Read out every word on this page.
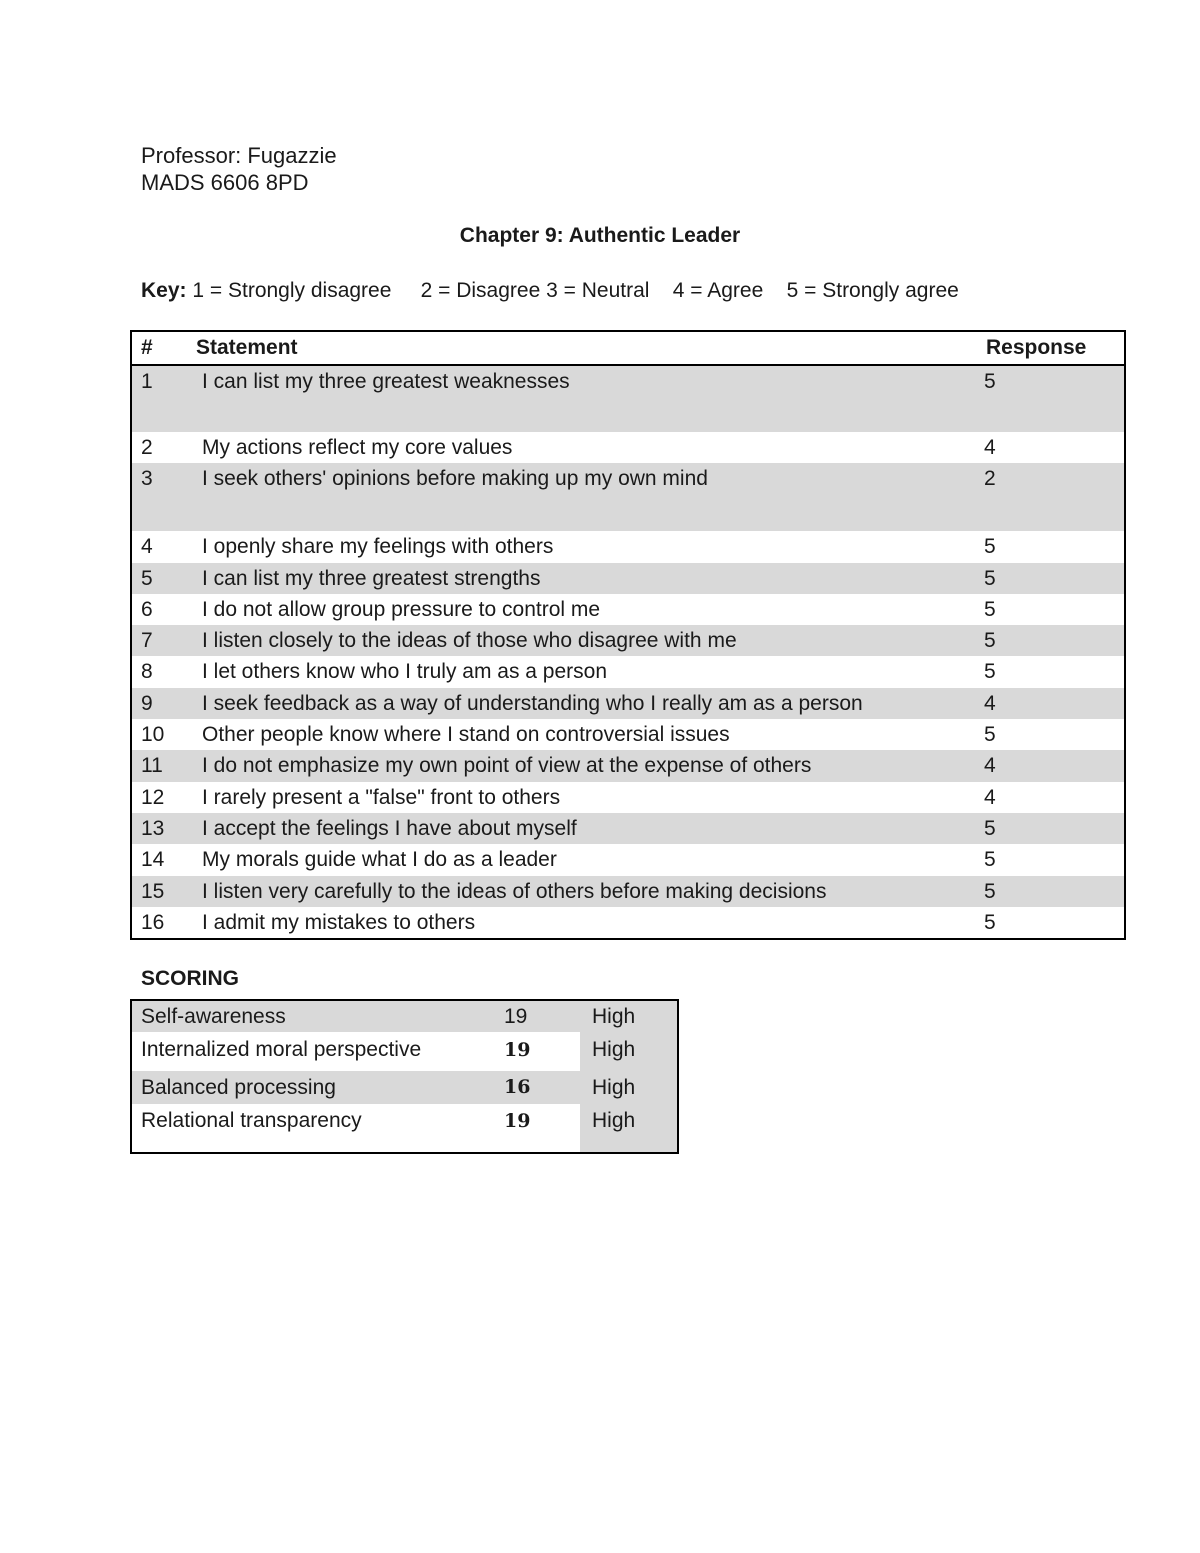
Professor: Fugazzie
MADS 6606 8PD
Chapter 9: Authentic Leader
Key: 1 = Strongly disagree 2 = Disagree 3 = Neutral 4 = Agree 5 = Strongly agree
#	Statement	Response
1	I can list my three greatest weaknesses	5
2	My actions reflect my core values	4
3	I seek others' opinions before making up my own mind	2
4	I openly share my feelings with others	5
5	I can list my three greatest strengths	5
6	I do not allow group pressure to control me	5
7	I listen closely to the ideas of those who disagree with me	5
8	I let others know who I truly am as a person	5
9	I seek feedback as a way of understanding who I really am as a person	4
10	Other people know where I stand on controversial issues	5
11	I do not emphasize my own point of view at the expense of others	4
12	I rarely present a "false" front to others	4
13	I accept the feelings I have about myself	5
14	My morals guide what I do as a leader	5
15	I listen very carefully to the ideas of others before making decisions	5
16	I admit my mistakes to others	5
SCORING
Self-awareness	19	High
Internalized moral perspective	19	High
Balanced processing	16	High
Relational transparency	19	High
